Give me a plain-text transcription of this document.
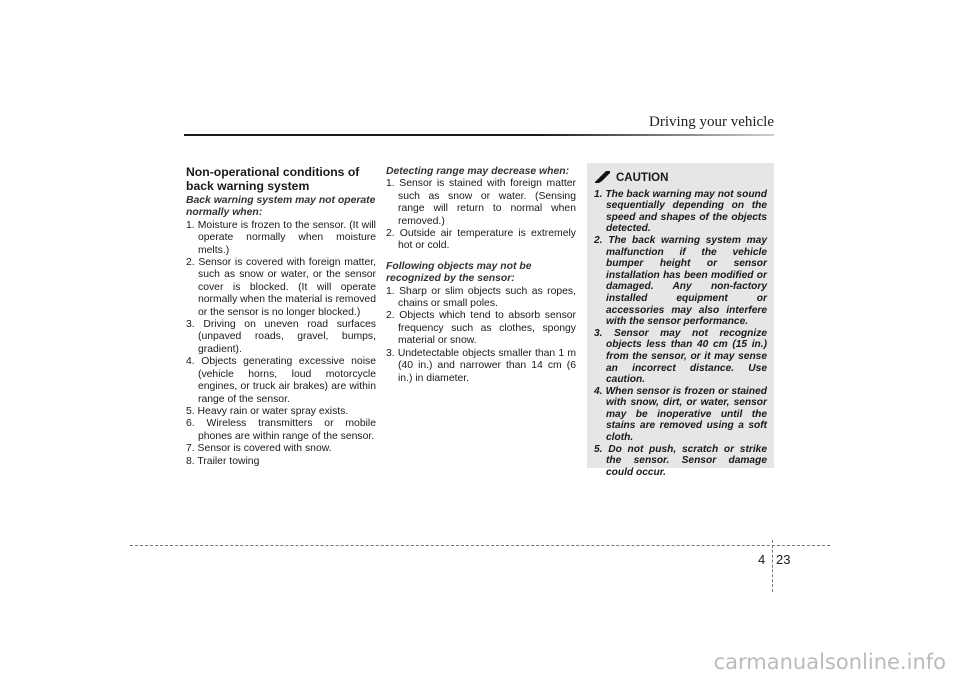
Driving your vehicle
Non-operational conditions of back warning system
Back warning system may not operate normally when:
1. Moisture is frozen to the sensor. (It will operate normally when moisture melts.)
2. Sensor is covered with foreign matter, such as snow or water, or the sensor cover is blocked. (It will operate normally when the material is removed or the sensor is no longer blocked.)
3. Driving on uneven road surfaces (unpaved roads, gravel, bumps, gradient).
4. Objects generating excessive noise (vehicle horns, loud motorcycle engines, or truck air brakes) are within range of the sensor.
5. Heavy rain or water spray exists.
6. Wireless transmitters or mobile phones are within range of the sensor.
7. Sensor is covered with snow.
8. Trailer towing
Detecting range may decrease when:
1. Sensor is stained with foreign matter such as snow or water. (Sensing range will return to normal when removed.)
2. Outside air temperature is extremely hot or cold.
Following objects may not be recognized by the sensor:
1. Sharp or slim objects such as ropes, chains or small poles.
2. Objects which tend to absorb sensor frequency such as clothes, spongy material or snow.
3. Undetectable objects smaller than 1 m (40 in.) and narrower than 14 cm (6 in.) in diameter.
CAUTION
1. The back warning may not sound sequentially depending on the speed and shapes of the objects detected.
2. The back warning system may malfunction if the vehicle bumper height or sensor installation has been modified or damaged. Any non-factory installed equipment or accessories may also interfere with the sensor performance.
3. Sensor may not recognize objects less than 40 cm (15 in.) from the sensor, or it may sense an incorrect distance. Use caution.
4. When sensor is frozen or stained with snow, dirt, or water, sensor may be inoperative until the stains are removed using a soft cloth.
5. Do not push, scratch or strike the sensor. Sensor damage could occur.
4 23
carmanualsonline.info
